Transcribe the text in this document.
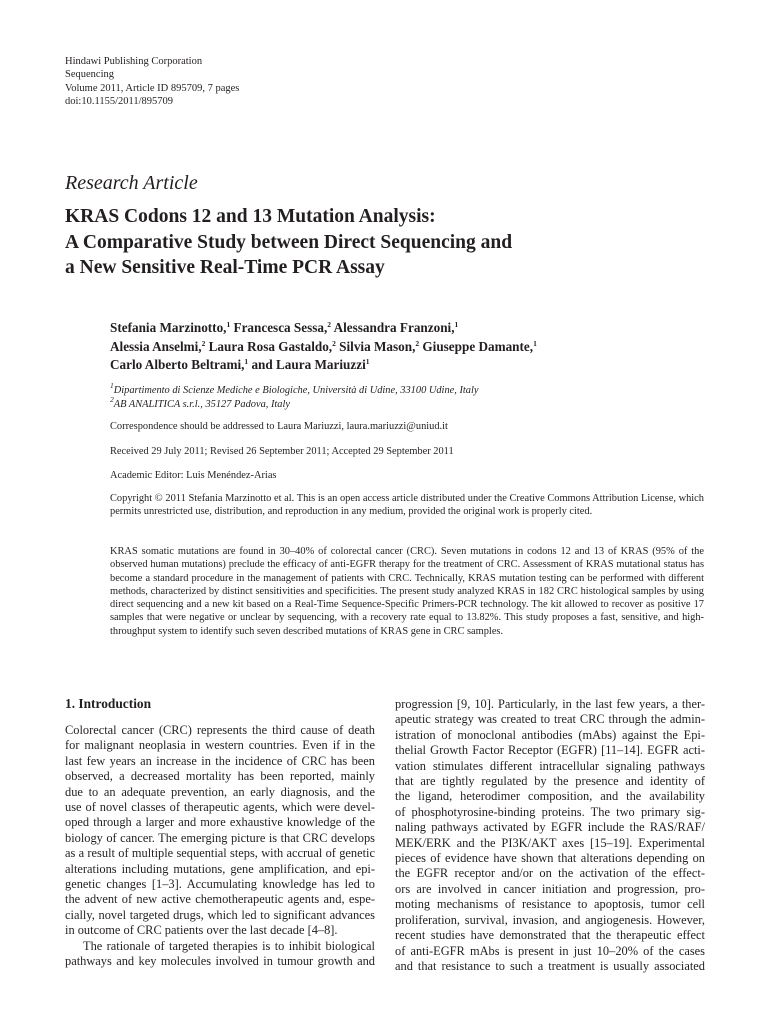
Hindawi Publishing Corporation
Sequencing
Volume 2011, Article ID 895709, 7 pages
doi:10.1155/2011/895709
Research Article
KRAS Codons 12 and 13 Mutation Analysis:
A Comparative Study between Direct Sequencing and
a New Sensitive Real-Time PCR Assay
Stefania Marzinotto,$^1$ Francesca Sessa,$^2$ Alessandra Franzoni,$^1$
Alessia Anselmi,$^2$ Laura Rosa Gastaldo,$^2$ Silvia Mason,$^2$ Giuseppe Damante,$^1$
Carlo Alberto Beltrami,$^1$ and Laura Mariuzzi$^1$
$^1$Dipartimento di Scienze Mediche e Biologiche, Università di Udine, 33100 Udine, Italy
$^2$AB ANALITICA s.r.l., 35127 Padova, Italy
Correspondence should be addressed to Laura Mariuzzi, laura.mariuzzi@uniud.it
Received 29 July 2011; Revised 26 September 2011; Accepted 29 September 2011
Academic Editor: Luis Menéndez-Arias
Copyright © 2011 Stefania Marzinotto et al. This is an open access article distributed under the Creative Commons Attribution License, which permits unrestricted use, distribution, and reproduction in any medium, provided the original work is properly cited.
KRAS somatic mutations are found in 30–40% of colorectal cancer (CRC). Seven mutations in codons 12 and 13 of KRAS (95% of the observed human mutations) preclude the efficacy of anti-EGFR therapy for the treatment of CRC. Assessment of KRAS mutational status has become a standard procedure in the management of patients with CRC. Technically, KRAS mutation testing can be performed with different methods, characterized by distinct sensitivities and specificities. The present study analyzed KRAS in 182 CRC histological samples by using direct sequencing and a new kit based on a Real-Time Sequence-Specific Primers-PCR technology. The kit allowed to recover as positive 17 samples that were negative or unclear by sequencing, with a recovery rate equal to 13.82%. This study proposes a fast, sensitive, and high-throughput system to identify such seven described mutations of KRAS gene in CRC samples.
1. Introduction
Colorectal cancer (CRC) represents the third cause of death
for malignant neoplasia in western countries. Even if in the
last few years an increase in the incidence of CRC has been
observed, a decreased mortality has been reported, mainly
due to an adequate prevention, an early diagnosis, and the
use of novel classes of therapeutic agents, which were devel-
oped through a larger and more exhaustive knowledge of the
biology of cancer. The emerging picture is that CRC develops
as a result of multiple sequential steps, with accrual of genetic
alterations including mutations, gene amplification, and epi-
genetic changes [1–3]. Accumulating knowledge has led to
the advent of new active chemotherapeutic agents and, espe-
cially, novel targeted drugs, which led to significant advances
in outcome of CRC patients over the last decade [4–8].
The rationale of targeted therapies is to inhibit biological
pathways and key molecules involved in tumour growth and
progression [9, 10]. Particularly, in the last few years, a ther-
apeutic strategy was created to treat CRC through the admin-
istration of monoclonal antibodies (mAbs) against the Epi-
thelial Growth Factor Receptor (EGFR) [11–14]. EGFR acti-
vation stimulates different intracellular signaling pathways
that are tightly regulated by the presence and identity of
the ligand, heterodimer composition, and the availability
of phosphotyrosine-binding proteins. The two primary sig-
naling pathways activated by EGFR include the RAS/RAF/
MEK/ERK and the PI3K/AKT axes [15–19]. Experimental
pieces of evidence have shown that alterations depending on
the EGFR receptor and/or on the activation of the effect-
ors are involved in cancer initiation and progression, pro-
moting mechanisms of resistance to apoptosis, tumor cell
proliferation, survival, invasion, and angiogenesis. However,
recent studies have demonstrated that the therapeutic effect
of anti-EGFR mAbs is present in just 10–20% of the cases
and that resistance to such a treatment is usually associated
